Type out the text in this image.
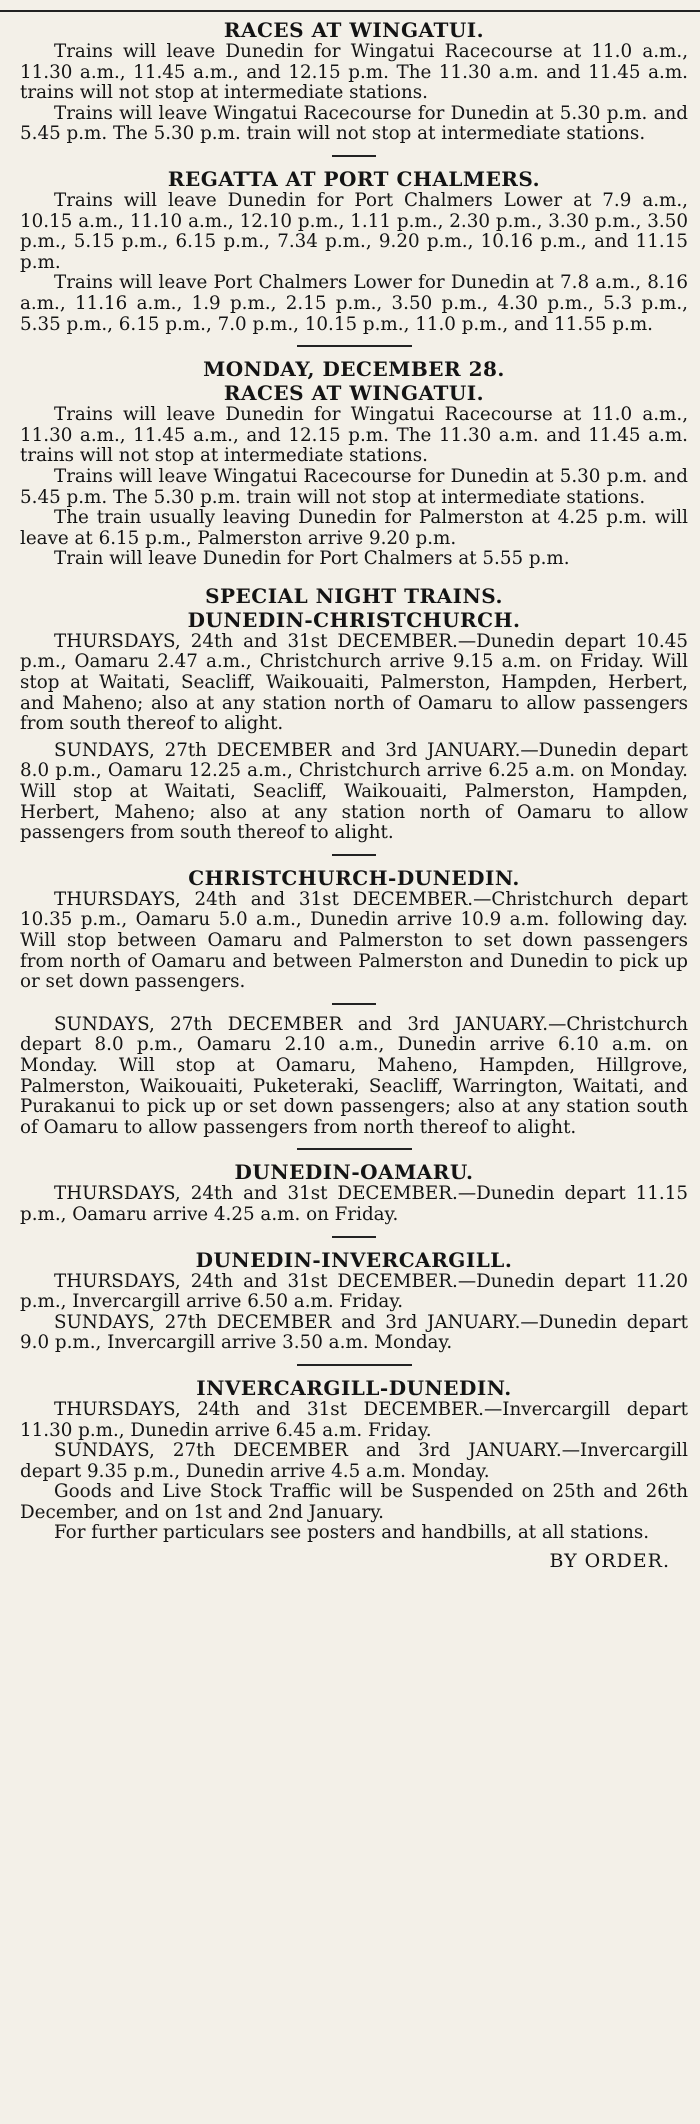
RACES AT WINGATUI.

Trains will leave Dunedin for Wingatui Racecourse at 11.0 a.m., 11.30 a.m., 11.45 a.m., and 12.15 p.m. The 11.30 a.m. and 11.45 a.m. trains will not stop at intermediate stations.

Trains will leave Wingatui Racecourse for Dunedin at 5.30 p.m. and 5.45 p.m. The 5.30 p.m. train will not stop at intermediate stations.

REGATTA AT PORT CHALMERS.

Trains will leave Dunedin for Port Chalmers Lower at 7.9 a.m., 10.15 a.m., 11.10 a.m., 12.10 p.m., 1.11 p.m., 2.30 p.m., 3.30 p.m., 3.50 p.m., 5.15 p.m., 6.15 p.m., 7.34 p.m., 9.20 p.m., 10.16 p.m., and 11.15 p.m.

Trains will leave Port Chalmers Lower for Dunedin at 7.8 a.m., 8.16 a.m., 11.16 a.m., 1.9 p.m., 2.15 p.m., 3.50 p.m., 4.30 p.m., 5.3 p.m., 5.35 p.m., 6.15 p.m., 7.0 p.m., 10.15 p.m., 11.0 p.m., and 11.55 p.m.

MONDAY, DECEMBER 28.
RACES AT WINGATUI.

Trains will leave Dunedin for Wingatui Racecourse at 11.0 a.m., 11.30 a.m., 11.45 a.m., and 12.15 p.m. The 11.30 a.m. and 11.45 a.m. trains will not stop at intermediate stations.

Trains will leave Wingatui Racecourse for Dunedin at 5.30 p.m. and 5.45 p.m. The 5.30 p.m. train will not stop at intermediate stations.

The train usually leaving Dunedin for Palmerston at 4.25 p.m. will leave at 6.15 p.m., Palmerston arrive 9.20 p.m.

Train will leave Dunedin for Port Chalmers at 5.55 p.m.

SPECIAL NIGHT TRAINS.
DUNEDIN-CHRISTCHURCH.

THURSDAYS, 24th and 31st DECEMBER.—Dunedin depart 10.45 p.m., Oamaru 2.47 a.m., Christchurch arrive 9.15 a.m. on Friday. Will stop at Waitati, Seacliff, Waikouaiti, Palmerston, Hampden, Herbert, and Maheno; also at any station north of Oamaru to allow passengers from south thereof to alight.

SUNDAYS, 27th DECEMBER and 3rd JANUARY.—Dunedin depart 8.0 p.m., Oamaru 12.25 a.m., Christchurch arrive 6.25 a.m. on Monday. Will stop at Waitati, Seacliff, Waikouaiti, Palmerston, Hampden, Herbert, Maheno; also at any station north of Oamaru to allow passengers from south thereof to alight.

CHRISTCHURCH-DUNEDIN.

THURSDAYS, 24th and 31st DECEMBER.—Christchurch depart 10.35 p.m., Oamaru 5.0 a.m., Dunedin arrive 10.9 a.m. following day. Will stop between Oamaru and Palmerston to set down passengers from north of Oamaru and between Palmerston and Dunedin to pick up or set down passengers.

SUNDAYS, 27th DECEMBER and 3rd JANUARY.—Christchurch depart 8.0 p.m., Oamaru 2.10 a.m., Dunedin arrive 6.10 a.m. on Monday. Will stop at Oamaru, Maheno, Hampden, Hillgrove, Palmerston, Waikouaiti, Puketeraki, Seacliff, Warrington, Waitati, and Purakanui to pick up or set down passengers; also at any station south of Oamaru to allow passengers from north thereof to alight.

DUNEDIN-OAMARU.

THURSDAYS, 24th and 31st DECEMBER.—Dunedin depart 11.15 p.m., Oamaru arrive 4.25 a.m. on Friday.

DUNEDIN-INVERCARGILL.

THURSDAYS, 24th and 31st DECEMBER.—Dunedin depart 11.20 p.m., Invercargill arrive 6.50 a.m. Friday.

SUNDAYS, 27th DECEMBER and 3rd JANUARY.—Dunedin depart 9.0 p.m., Invercargill arrive 3.50 a.m. Monday.

INVERCARGILL-DUNEDIN.

THURSDAYS, 24th and 31st DECEMBER.—Invercargill depart 11.30 p.m., Dunedin arrive 6.45 a.m. Friday.

SUNDAYS, 27th DECEMBER and 3rd JANUARY.—Invercargill depart 9.35 p.m., Dunedin arrive 4.5 a.m. Monday.

Goods and Live Stock Traffic will be Suspended on 25th and 26th December, and on 1st and 2nd January.

For further particulars see posters and handbills, at all stations.

BY ORDER.
